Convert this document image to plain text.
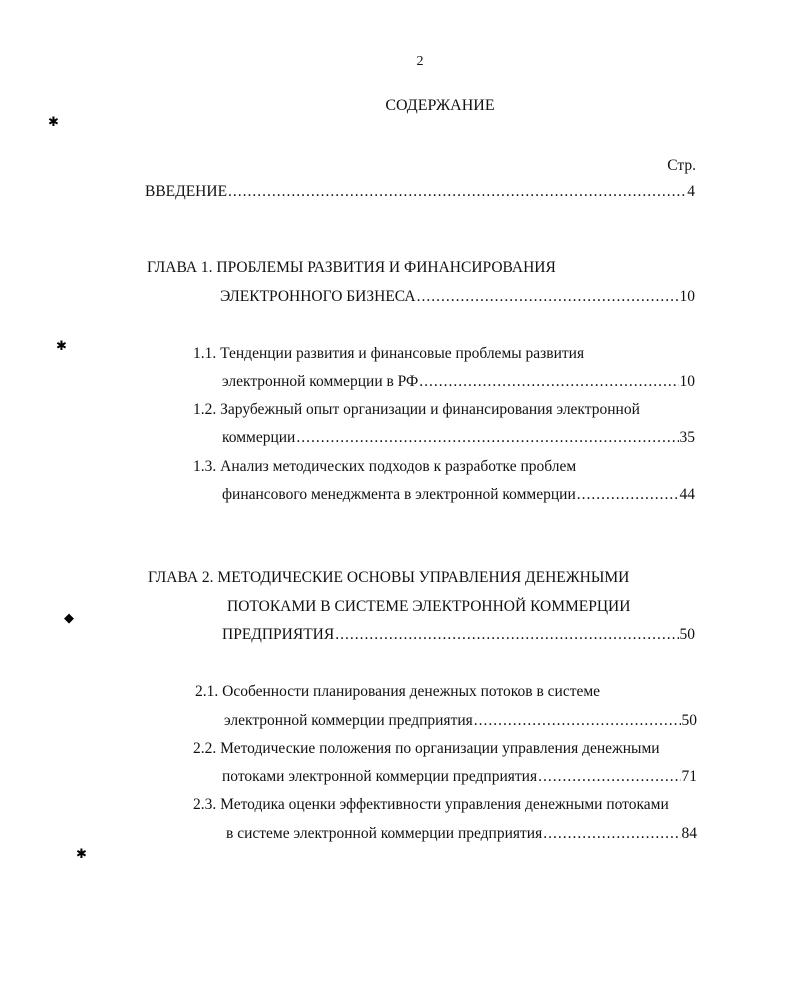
2
СОДЕРЖАНИЕ
Стр.
ВВЕДЕНИЕ .....	4
ГЛАВА 1. ПРОБЛЕМЫ РАЗВИТИЯ И ФИНАНСИРОВАНИЯ
ЭЛЕКТРОННОГО БИЗНЕСА .....	10
1.1. Тенденции развития и финансовые проблемы развития
электронной коммерции в РФ .....	10
1.2. Зарубежный опыт организации и финансирования электронной
коммерции .....	35
1.3. Анализ методических подходов к разработке проблем
финансового менеджмента в электронной коммерции .....	44
ГЛАВА 2. МЕТОДИЧЕСКИЕ ОСНОВЫ УПРАВЛЕНИЯ ДЕНЕЖНЫМИ
ПОТОКАМИ В СИСТЕМЕ ЭЛЕКТРОННОЙ КОММЕРЦИИ
ПРЕДПРИЯТИЯ .....	50
2.1. Особенности планирования денежных потоков в системе
электронной коммерции предприятия .....	50
2.2. Методические положения по организации управления денежными
потоками электронной коммерции предприятия .....	71
2.3. Методика оценки эффективности управления денежными потоками
в системе электронной коммерции предприятия .....	84
✱
✱
◆
✱
